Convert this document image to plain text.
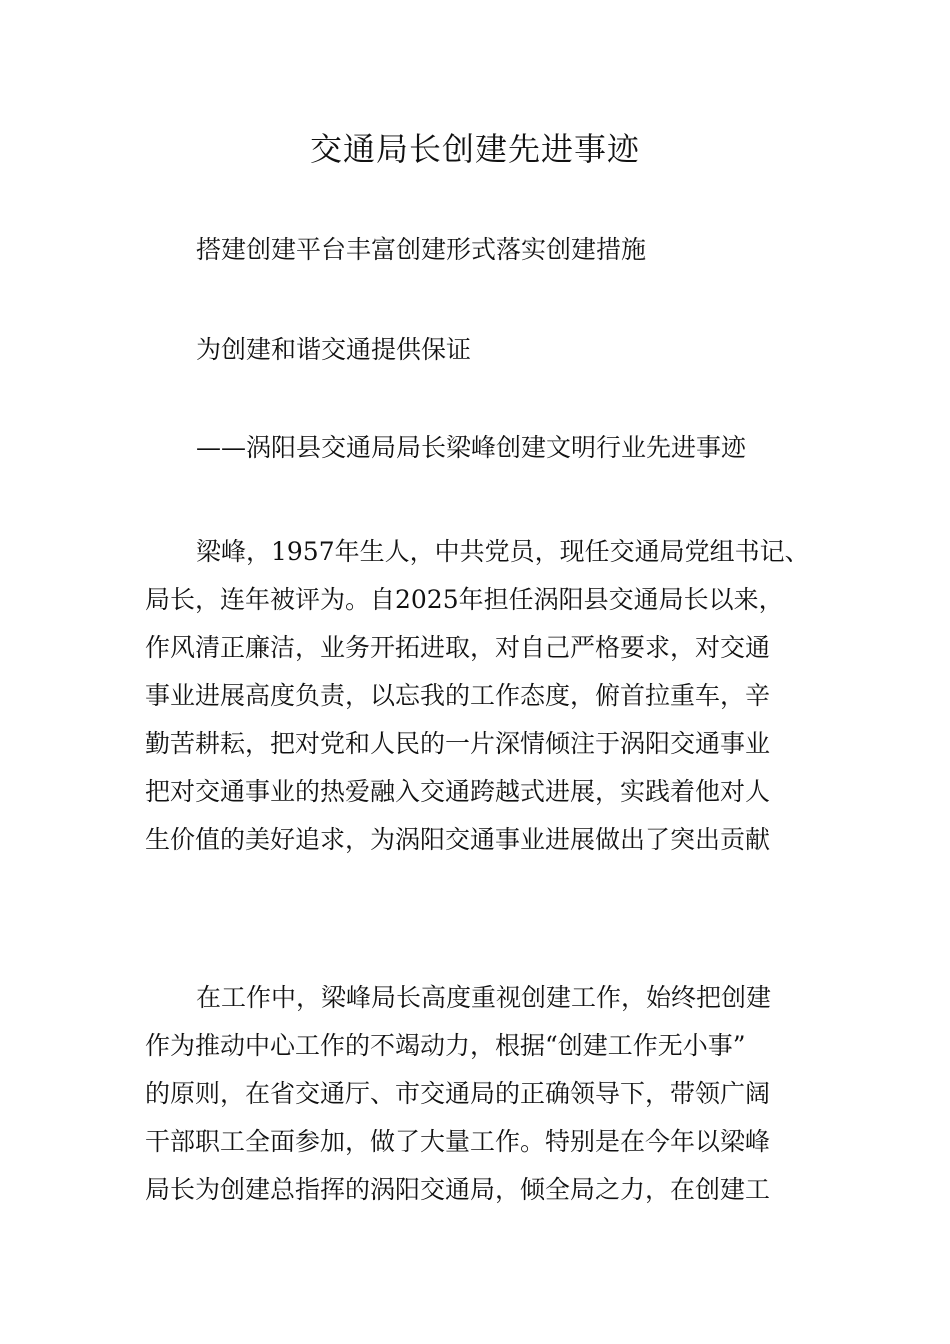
交通局长创建先进事迹

搭建创建平台丰富创建形式落实创建措施

为创建和谐交通提供保证

——涡阳县交通局局长梁峰创建文明行业先进事迹

梁峰，1957年生人，中共党员，现任交通局党组书记、
局长，连年被评为。自2025年担任涡阳县交通局长以来，
作风清正廉洁，业务开拓进取，对自己严格要求，对交通
事业进展高度负责，以忘我的工作态度，俯首拉重车，辛
勤苦耕耘，把对党和人民的一片深情倾注于涡阳交通事业
把对交通事业的热爱融入交通跨越式进展，实践着他对人
生价值的美好追求，为涡阳交通事业进展做出了突出贡献
在工作中，梁峰局长高度重视创建工作，始终把创建
作为推动中心工作的不竭动力，根据“创建工作无小事”
的原则，在省交通厅、市交通局的正确领导下，带领广阔
干部职工全面参加，做了大量工作。特别是在今年以梁峰
局长为创建总指挥的涡阳交通局，倾全局之力，在创建工
